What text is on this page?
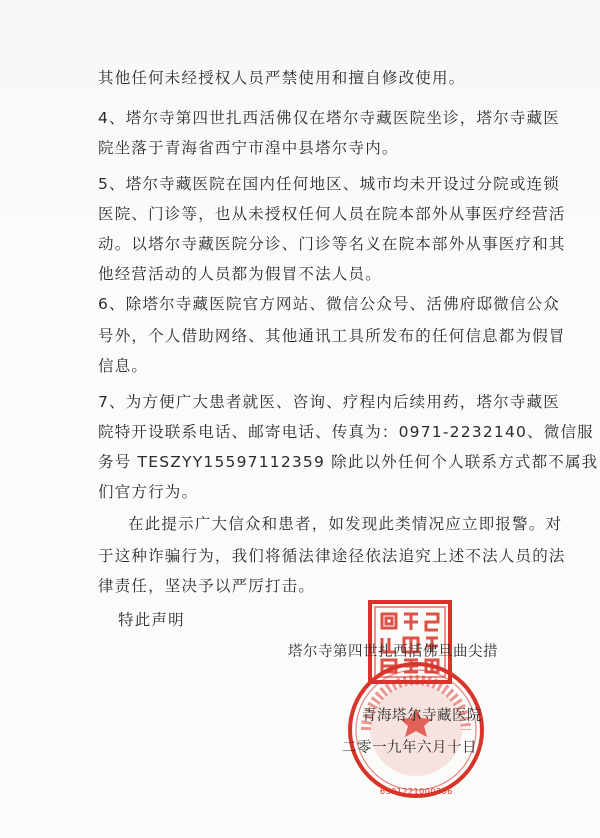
其他任何未经授权人员严禁使用和擅自修改使用。
4、塔尔寺第四世扎西活佛仅在塔尔寺藏医院坐诊，塔尔寺藏医
院坐落于青海省西宁市湟中县塔尔寺内。
5、塔尔寺藏医院在国内任何地区、城市均未开设过分院或连锁
医院、门诊等，也从未授权任何人员在院本部外从事医疗经营活
动。以塔尔寺藏医院分诊、门诊等名义在院本部外从事医疗和其
他经营活动的人员都为假冒不法人员。
6、除塔尔寺藏医院官方网站、微信公众号、活佛府邸微信公众
号外，个人借助网络、其他通讯工具所发布的任何信息都为假冒
信息。
7、为方便广大患者就医、咨询、疗程内后续用药，塔尔寺藏医
院特开设联系电话、邮寄电话、传真为：0971-2232140、微信服
务号 TESZYY15597112359 除此以外任何个人联系方式都不属我
们官方行为。
在此提示广大信众和患者，如发现此类情况应立即报警。对
于这种诈骗行为，我们将循法律途径依法追究上述不法人员的法
律责任，坚决予以严厉打击。
特此声明
塔尔寺第四世扎西活佛旦曲尖措
青海塔尔寺藏医院
二零一九年六月十日
6301221000306
